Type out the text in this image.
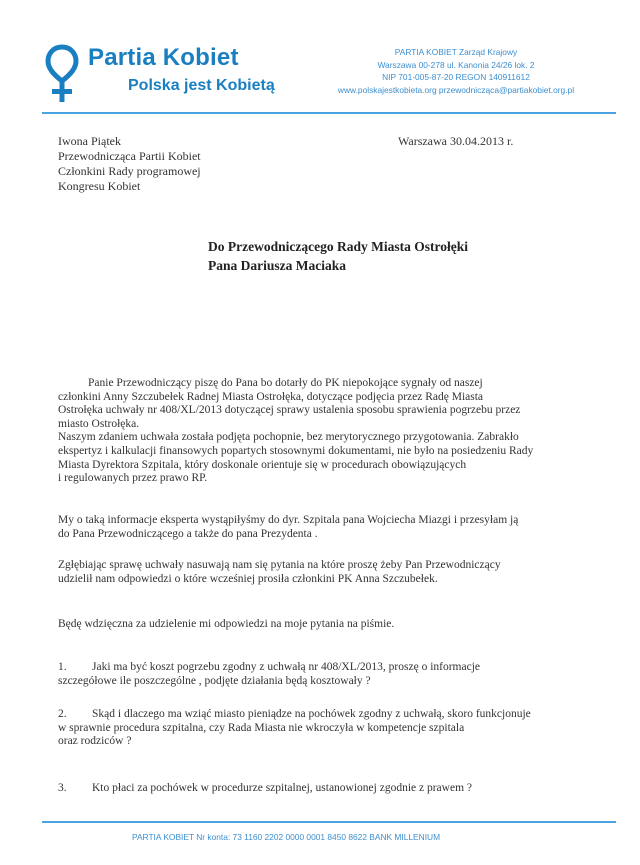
Partia Kobiet
Polska jest Kobietą
PARTIA KOBIET Zarząd Krajowy
Warszawa 00-278 ul. Kanonia 24/26 lok. 2
NIP 701-005-87-20 REGON 140911612
www.polskajestkobieta.org przewodnicząca@partiakobiet.org.pl
Iwona Piątek
Przewodnicząca Partii Kobiet
Członkini Rady programowej
Kongresu Kobiet
Warszawa 30.04.2013 r.
Do Przewodniczącego Rady Miasta Ostrołęki
Pana Dariusza Maciaka
Panie Przewodniczący piszę do Pana bo dotarły do PK niepokojące sygnały od naszej
członkini Anny Szczubełek Radnej Miasta Ostrołęka, dotyczące podjęcia przez Radę Miasta
Ostrołęka uchwały nr 408/XL/2013 dotyczącej sprawy ustalenia sposobu sprawienia pogrzebu przez
miasto Ostrołęka.
Naszym zdaniem uchwała została podjęta pochopnie, bez merytorycznego przygotowania. Zabrakło
ekspertyz i kalkulacji finansowych popartych stosownymi dokumentami, nie było na posiedzeniu Rady
Miasta Dyrektora Szpitala, który doskonale orientuje się w procedurach obowiązujących
i regulowanych przez prawo RP.
My o taką informacje eksperta wystąpiłyśmy do dyr. Szpitala pana Wojciecha Miazgi i przesyłam ją
do Pana Przewodniczącego a także do pana Prezydenta .
Zgłębiając sprawę uchwały nasuwają nam się pytania na które proszę żeby Pan Przewodniczący
udzielił nam odpowiedzi o które wcześniej prosiła członkini PK Anna Szczubełek.
Będę wdzięczna za udzielenie mi odpowiedzi na moje pytania na piśmie.
1.	Jaki ma być koszt pogrzebu zgodny z uchwałą nr 408/XL/2013, proszę o informacje
szczegółowe ile poszczególne , podjęte działania będą kosztowały ?
2.	Skąd i dlaczego ma wziąć miasto pieniądze na pochówek zgodny z uchwałą, skoro funkcjonuje
w sprawnie procedura szpitalna, czy Rada Miasta nie wkroczyła w kompetencje szpitala
oraz rodziców ?
3.	Kto płaci za pochówek w procedurze szpitalnej, ustanowionej zgodnie z prawem ?
PARTIA KOBIET Nr konta: 73 1160 2202 0000 0001 8450 8622 BANK MILLENIUM
